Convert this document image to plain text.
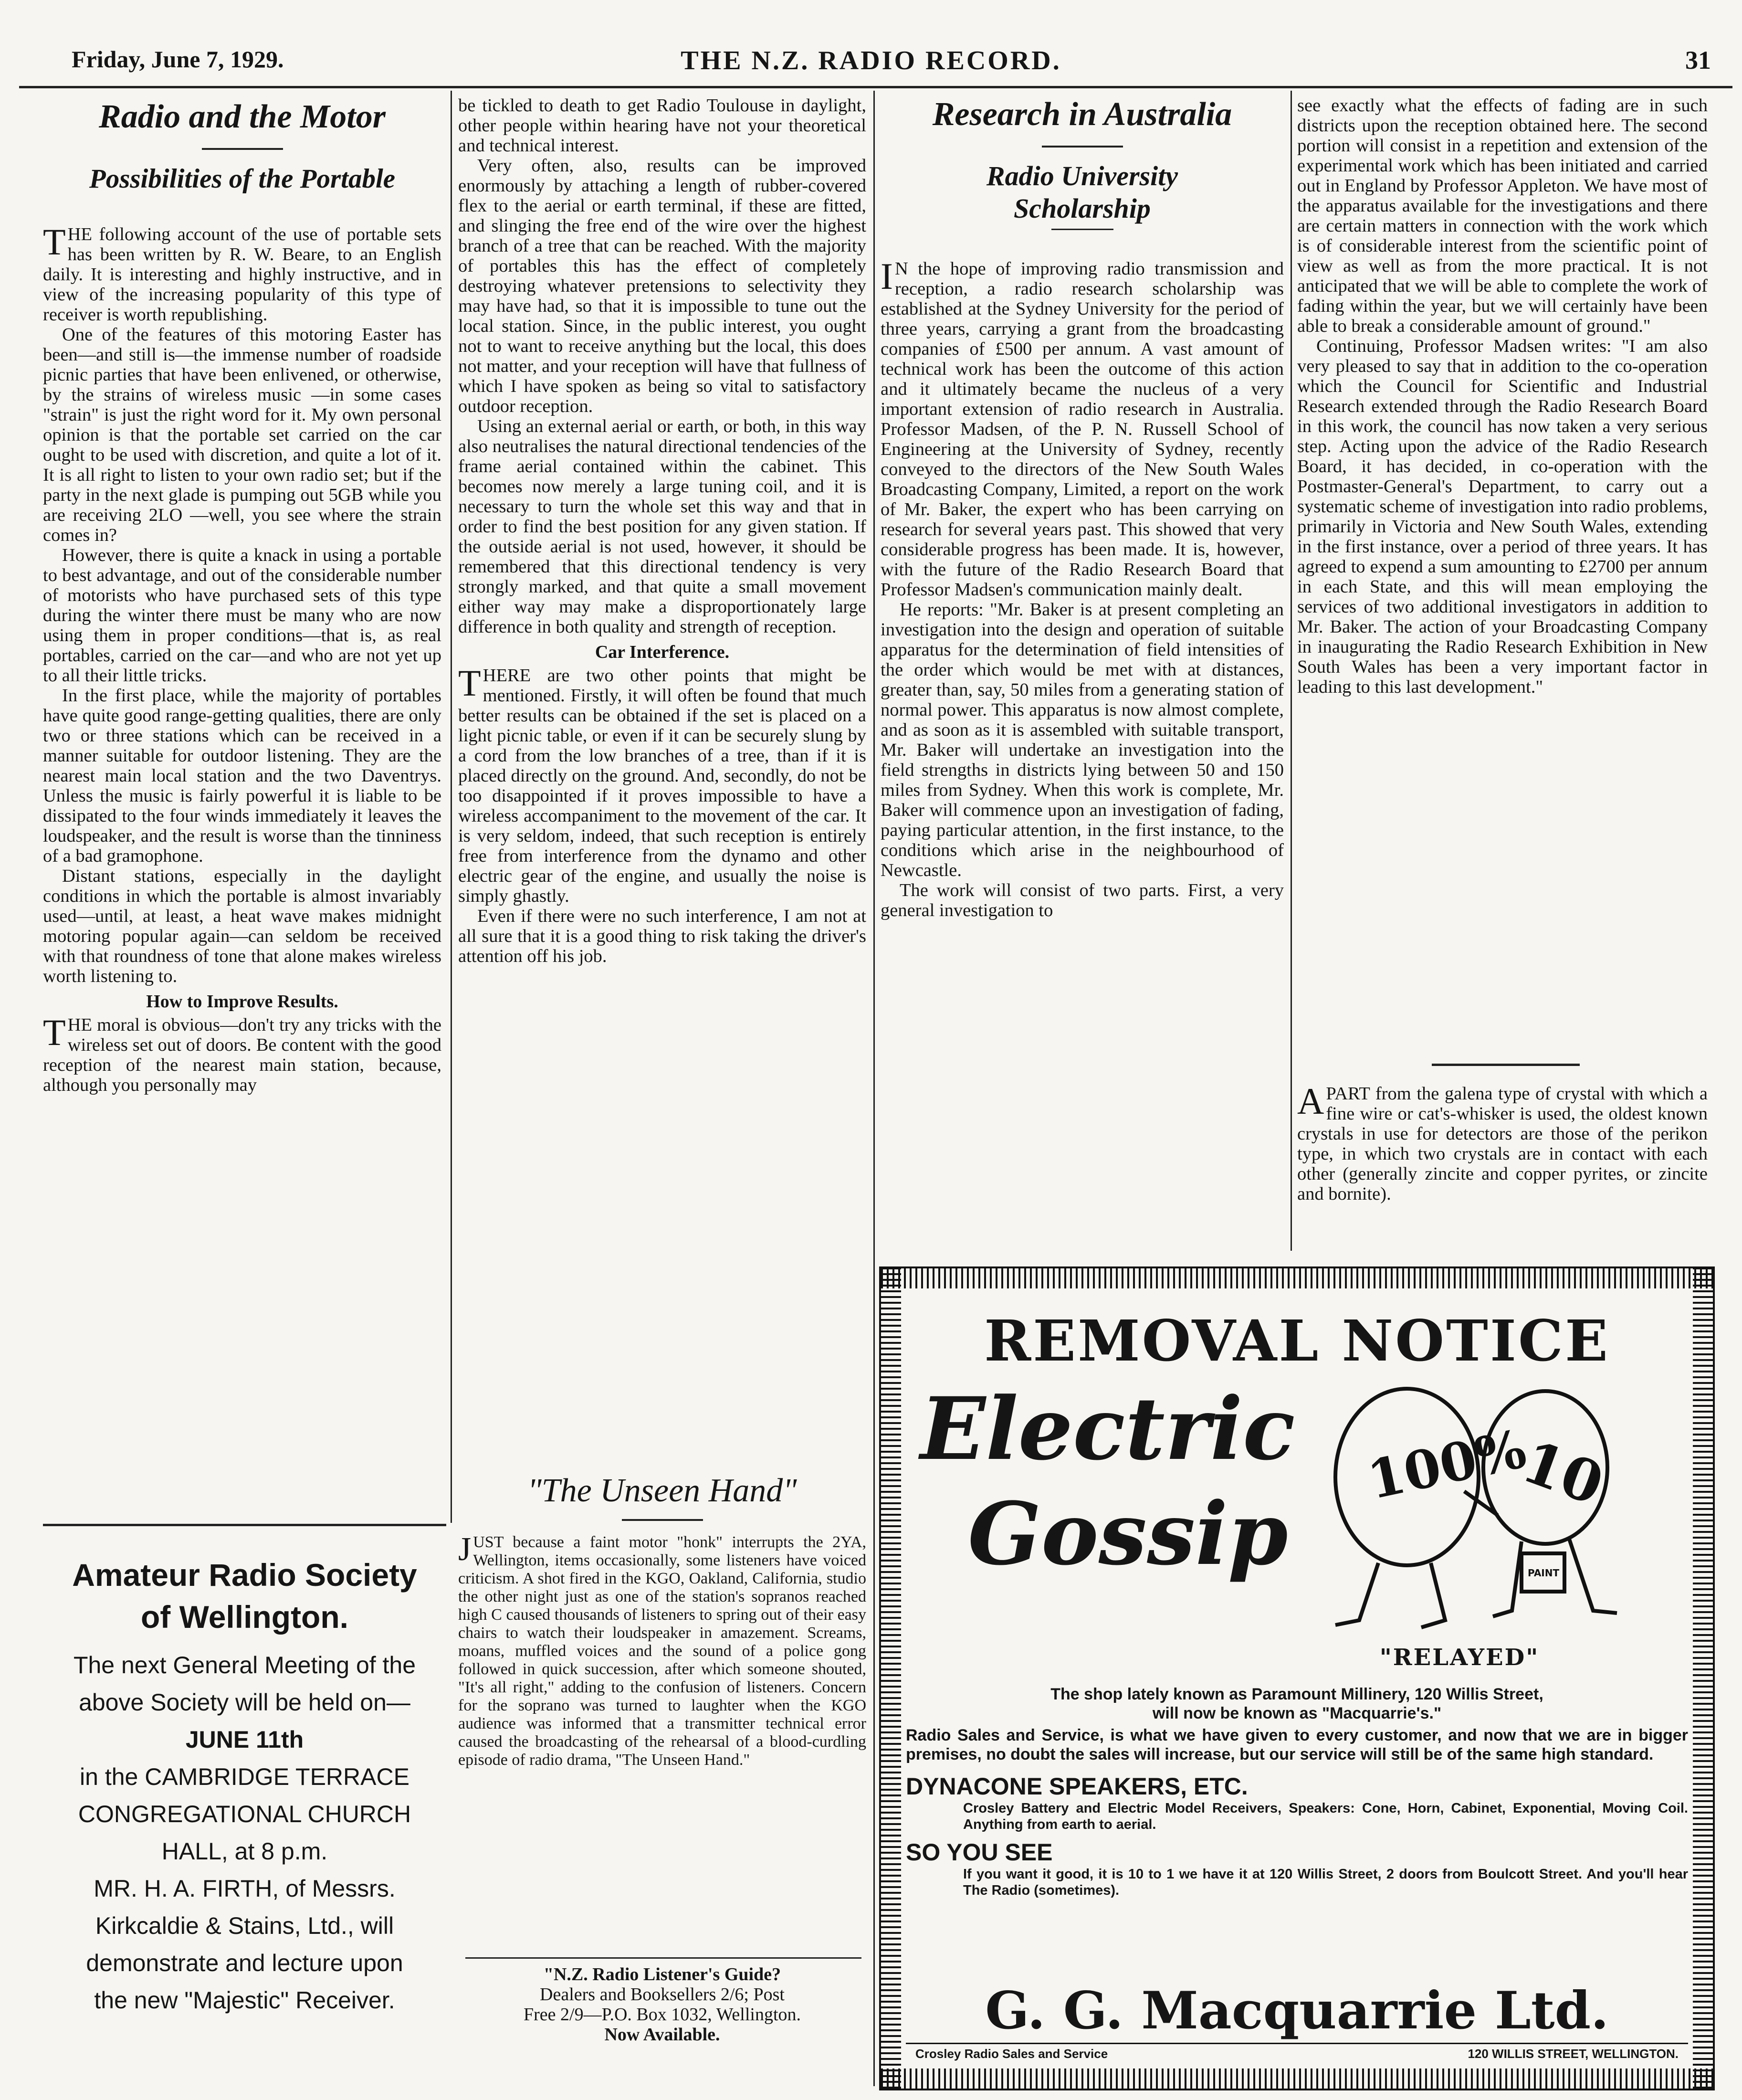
Friday, June 7, 1929.	THE N.Z. RADIO RECORD.	31
Radio and the Motor
Possibilities of the Portable

THE following account of the use of portable sets has been written by R. W. Beare, to an English daily. It is interesting and highly instructive, and in view of the increasing popularity of this type of receiver is worth republishing.

One of the features of this motoring Easter has been—and still is—the immense number of roadside picnic parties that have been enlivened, or otherwise, by the strains of wireless music —in some cases "strain" is just the right word for it. My own personal opinion is that the portable set carried on the car ought to be used with discretion, and quite a lot of it. It is all right to listen to your own radio set; but if the party in the next glade is pumping out 5GB while you are receiving 2LO —well, you see where the strain comes in?

However, there is quite a knack in using a portable to best advantage, and out of the considerable number of motorists who have purchased sets of this type during the winter there must be many who are now using them in proper conditions—that is, as real portables, carried on the car—and who are not yet up to all their little tricks.

In the first place, while the majority of portables have quite good range-getting qualities, there are only two or three stations which can be received in a manner suitable for outdoor listening. They are the nearest main local station and the two Daventrys. Unless the music is fairly powerful it is liable to be dissipated to the four winds immediately it leaves the loudspeaker, and the result is worse than the tinniness of a bad gramophone.

Distant stations, especially in the daylight conditions in which the portable is almost invariably used—until, at least, a heat wave makes midnight motoring popular again—can seldom be received with that roundness of tone that alone makes wireless worth listening to.

How to Improve Results.

THE moral is obvious—don't try any tricks with the wireless set out of doors. Be content with the good reception of the nearest main station, because, although you personally may

Amateur Radio Society
of Wellington.
The next General Meeting of the
above Society will be held on—
JUNE 11th
in the CAMBRIDGE TERRACE
CONGREGATIONAL CHURCH
HALL, at 8 p.m.
MR. H. A. FIRTH, of Messrs.
Kirkcaldie & Stains, Ltd., will
demonstrate and lecture upon
the new "Majestic" Receiver.

be tickled to death to get Radio Toulouse in daylight, other people within hearing have not your theoretical and technical interest.

Very often, also, results can be improved enormously by attaching a length of rubber-covered flex to the aerial or earth terminal, if these are fitted, and slinging the free end of the wire over the highest branch of a tree that can be reached. With the majority of portables this has the effect of completely destroying whatever pretensions to selectivity they may have had, so that it is impossible to tune out the local station. Since, in the public interest, you ought not to want to receive anything but the local, this does not matter, and your reception will have that fullness of which I have spoken as being so vital to satisfactory outdoor reception.

Using an external aerial or earth, or both, in this way also neutralises the natural directional tendencies of the frame aerial contained within the cabinet. This becomes now merely a large tuning coil, and it is necessary to turn the whole set this way and that in order to find the best position for any given station. If the outside aerial is not used, however, it should be remembered that this directional tendency is very strongly marked, and that quite a small movement either way may make a disproportionately large difference in both quality and strength of reception.

Car Interference.

THERE are two other points that might be mentioned. Firstly, it will often be found that much better results can be obtained if the set is placed on a light picnic table, or even if it can be securely slung by a cord from the low branches of a tree, than if it is placed directly on the ground. And, secondly, do not be too disappointed if it proves impossible to have a wireless accompaniment to the movement of the car. It is very seldom, indeed, that such reception is entirely free from interference from the dynamo and other electric gear of the engine, and usually the noise is simply ghastly.

Even if there were no such interference, I am not at all sure that it is a good thing to risk taking the driver's attention off his job.

"The Unseen Hand"

JUST because a faint motor "honk" interrupts the 2YA, Wellington, items occasionally, some listeners have voiced criticism. A shot fired in the KGO, Oakland, California, studio the other night just as one of the station's sopranos reached high C caused thousands of listeners to spring out of their easy chairs to watch their loudspeaker in amazement. Screams, moans, muffled voices and the sound of a police gong followed in quick succession, after which someone shouted, "It's all right," adding to the confusion of listeners. Concern for the soprano was turned to laughter when the KGO audience was informed that a transmitter technical error caused the broadcasting of the rehearsal of a blood-curdling episode of radio drama, "The Unseen Hand."

"N.Z. Radio Listener's Guide?
Dealers and Booksellers 2/6; Post
Free 2/9—P.O. Box 1032, Wellington.
Now Available.
Research in Australia
Radio University
Scholarship

I N the hope of improving radio transmission and reception, a radio research scholarship was established at the Sydney University for the period of three years, carrying a grant from the broadcasting companies of £500 per annum. A vast amount of technical work has been the outcome of this action and it ultimately became the nucleus of a very important extension of radio research in Australia. Professor Madsen, of the P. N. Russell School of Engineering at the University of Sydney, recently conveyed to the directors of the New South Wales Broadcasting Company, Limited, a report on the work of Mr. Baker, the expert who has been carrying on research for several years past. This showed that very considerable progress has been made. It is, however, with the future of the Radio Research Board that Professor Madsen's communication mainly dealt.

He reports: "Mr. Baker is at present completing an investigation into the design and operation of suitable apparatus for the determination of field intensities of the order which would be met with at distances, greater than, say, 50 miles from a generating station of normal power. This apparatus is now almost complete, and as soon as it is assembled with suitable transport, Mr. Baker will undertake an investigation into the field strengths in districts lying between 50 and 150 miles from Sydney. When this work is complete, Mr. Baker will commence upon an investigation of fading, paying particular attention, in the first instance, to the conditions which arise in the neighbourhood of Newcastle.

The work will consist of two parts. First, a very general investigation to

see exactly what the effects of fading are in such districts upon the reception obtained here. The second portion will consist in a repetition and extension of the experimental work which has been initiated and carried out in England by Professor Appleton. We have most of the apparatus available for the investigations and there are certain matters in connection with the work which is of considerable interest from the scientific point of view as well as from the more practical. It is not anticipated that we will be able to complete the work of fading within the year, but we will certainly have been able to break a considerable amount of ground."

Continuing, Professor Madsen writes: "I am also very pleased to say that in addition to the co-operation which the Council for Scientific and Industrial Research extended through the Radio Research Board in this work, the council has now taken a very serious step. Acting upon the advice of the Radio Research Board, it has decided, in co-operation with the Postmaster-General's Department, to carry out a systematic scheme of investigation into radio problems, primarily in Victoria and New South Wales, extending in the first instance, over a period of three years. It has agreed to expend a sum amounting to £2700 per annum in each State, and this will mean employing the services of two additional investigators in addition to Mr. Baker. The action of your Broadcasting Company in inaugurating the Radio Research Exhibition in New South Wales has been a very important factor in leading to this last development."

APART from the galena type of crystal with which a fine wire or cat's-whisker is used, the oldest known crystals in use for detectors are those of the perikon type, in which two crystals are in contact with each other (generally zincite and copper pyrites, or zincite and bornite).

REMOVAL NOTICE
Electric
Gossip
100%
10
PAINT
"RELAYED"

The shop lately known as Paramount Millinery, 120 Willis Street,

will now be known as "Macquarrie's."

Radio Sales and Service, is what we have given to every customer, and now that we are in bigger premises, no doubt the sales will increase, but our service will still be of the same high standard.

DYNACONE SPEAKERS, ETC.

Crosley Battery and Electric Model Receivers, Speakers: Cone, Horn, Cabinet, Exponential, Moving Coil. Anything from earth to aerial.

SO YOU SEE

If you want it good, it is 10 to 1 we have it at 120 Willis Street, 2 doors from Boulcott Street. And you'll hear The Radio (sometimes).

G. G. Macquarrie Ltd.
Crosley Radio Sales and Service	120 WILLIS STREET, WELLINGTON.
